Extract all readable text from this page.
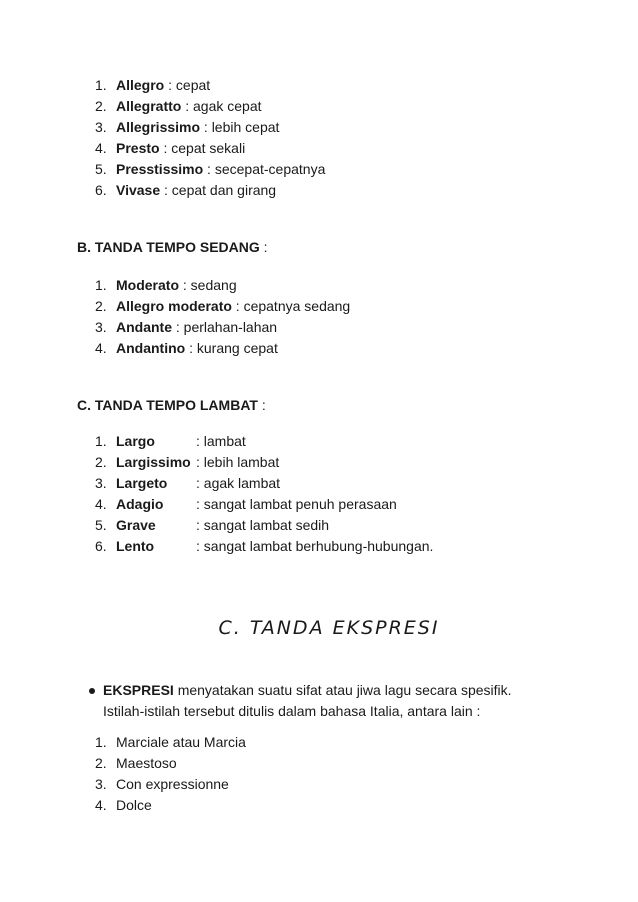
1. Allegro : cepat
2. Allegratto : agak cepat
3. Allegrissimo : lebih cepat
4. Presto : cepat sekali
5. Presstissimo : secepat-cepatnya
6. Vivase : cepat dan girang
B. TANDA TEMPO SEDANG :
1. Moderato : sedang
2. Allegro moderato : cepatnya sedang
3. Andante : perlahan-lahan
4. Andantino : kurang cepat
C. TANDA TEMPO LAMBAT :
1. Largo	: lambat
2. Largissimo : lebih lambat
3. Largeto : agak lambat
4. Adagio : sangat lambat penuh perasaan
5. Grave	: sangat lambat sedih
6. Lento	: sangat lambat berhubung-hubungan.
C. TANDA EKSPRESI
EKSPRESI menyatakan suatu sifat atau jiwa lagu secara spesifik. Istilah-istilah tersebut ditulis dalam bahasa Italia, antara lain :
1. Marciale atau Marcia
2. Maestoso
3. Con expressionne
4. Dolce
